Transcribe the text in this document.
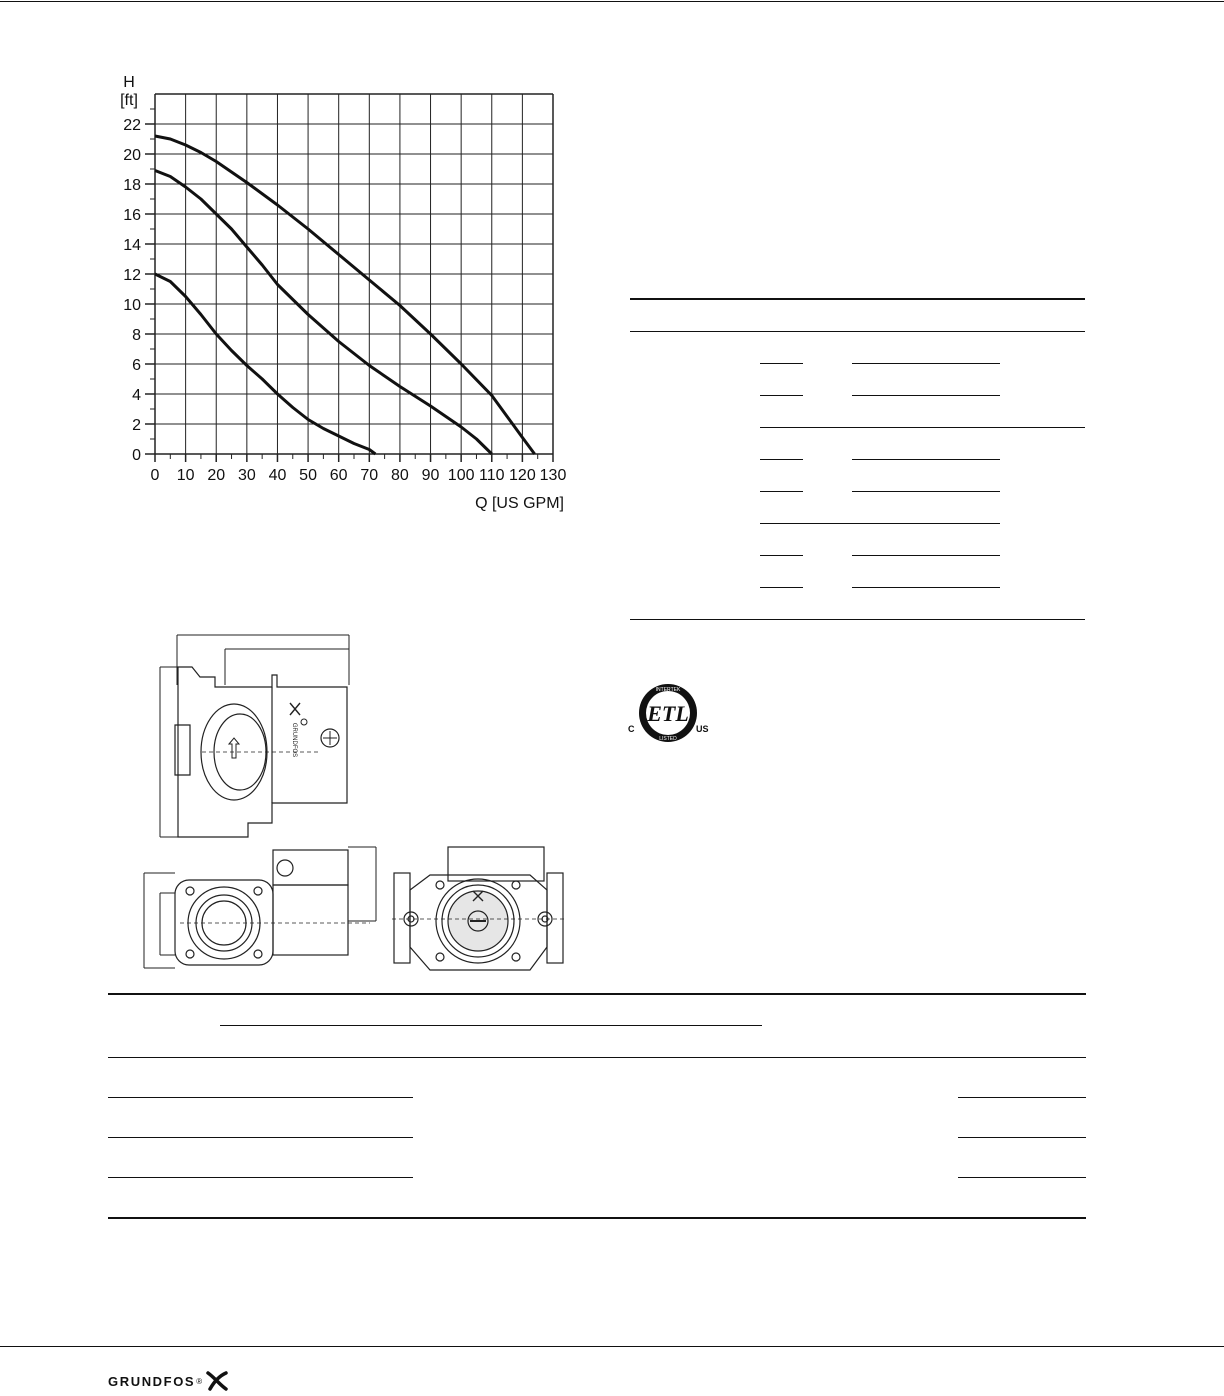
0
2
4
6
8
10
12
14
16
18
20
22
0 10 20 30 40 50 60 70 80 90 100 110 120 130
H
[ft]
Q [US GPM]
INTERTEK
LISTED
ETL
C	US
GRUNDFOS
GRUNDFOS ®
